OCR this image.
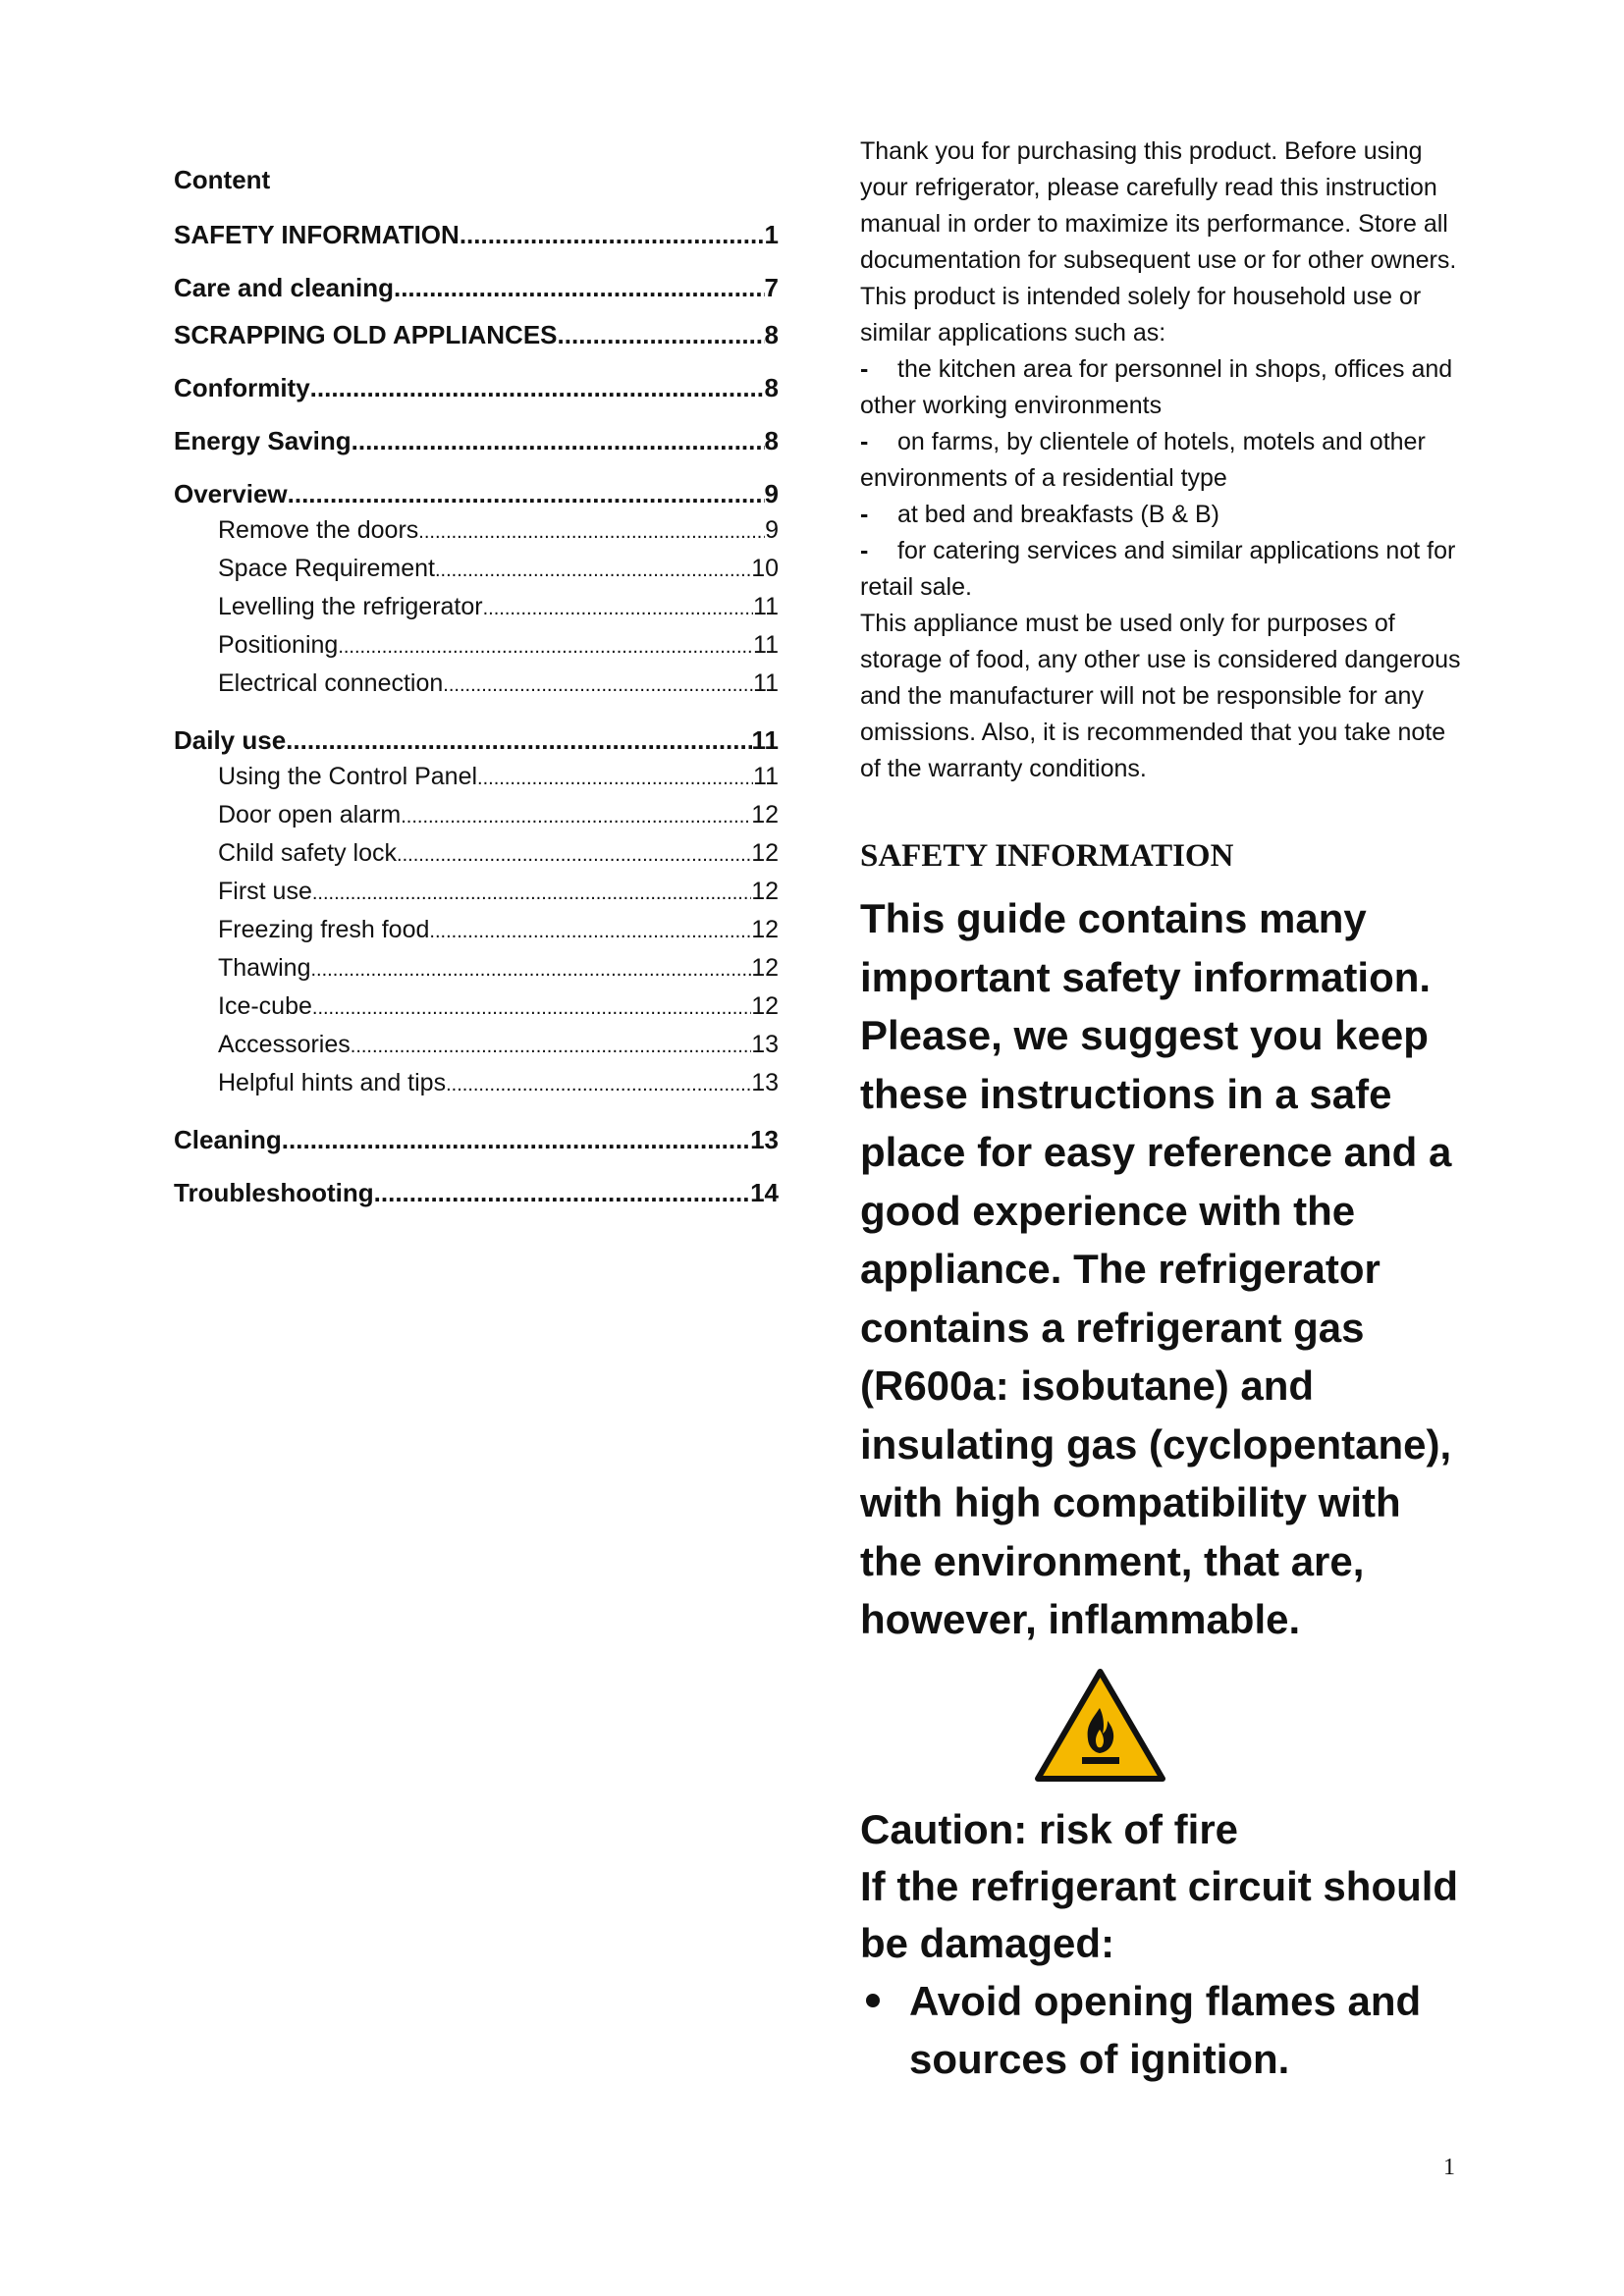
Content
SAFETY INFORMATION .....	1
Care and cleaning .....	7
SCRAPPING OLD APPLIANCES .....	8
Conformity .....	8
Energy Saving .....	8
Overview .....	9
Remove the doors .....	9
Space Requirement .....	10
Levelling the refrigerator .....	11
Positioning .....	11
Electrical connection .....	11
Daily use .....	11
Using the Control Panel .....	11
Door open alarm .....	12
Child safety lock .....	12
First use .....	12
Freezing fresh food .....	12
Thawing .....	12
Ice-cube .....	12
Accessories .....	13
Helpful hints and tips .....	13
Cleaning .....	13
Troubleshooting .....	14

Thank you for purchasing this product. Before using your refrigerator, please carefully read this instruction manual in order to maximize its performance. Store all documentation for subsequent use or for other owners. This product is intended solely for household use or similar applications such as:

- the kitchen area for personnel in shops, offices and other working environments
- on farms, by clientele of hotels, motels and other environments of a residential type
- at bed and breakfasts (B & B)
- for catering services and similar applications not for retail sale.

This appliance must be used only for purposes of storage of food, any other use is considered dangerous and the manufacturer will not be responsible for any omissions. Also, it is recommended that you take note of the warranty conditions.

SAFETY INFORMATION

This guide contains many important safety information. Please, we suggest you keep these instructions in a safe place for easy reference and a good experience with the appliance. The refrigerator contains a refrigerant gas (R600a: isobutane) and insulating gas (cyclopentane), with high compatibility with the environment, that are, however, inflammable.

Caution: risk of fire
If the refrigerant circuit should be damaged:
Avoid opening flames and sources of ignition.
1
